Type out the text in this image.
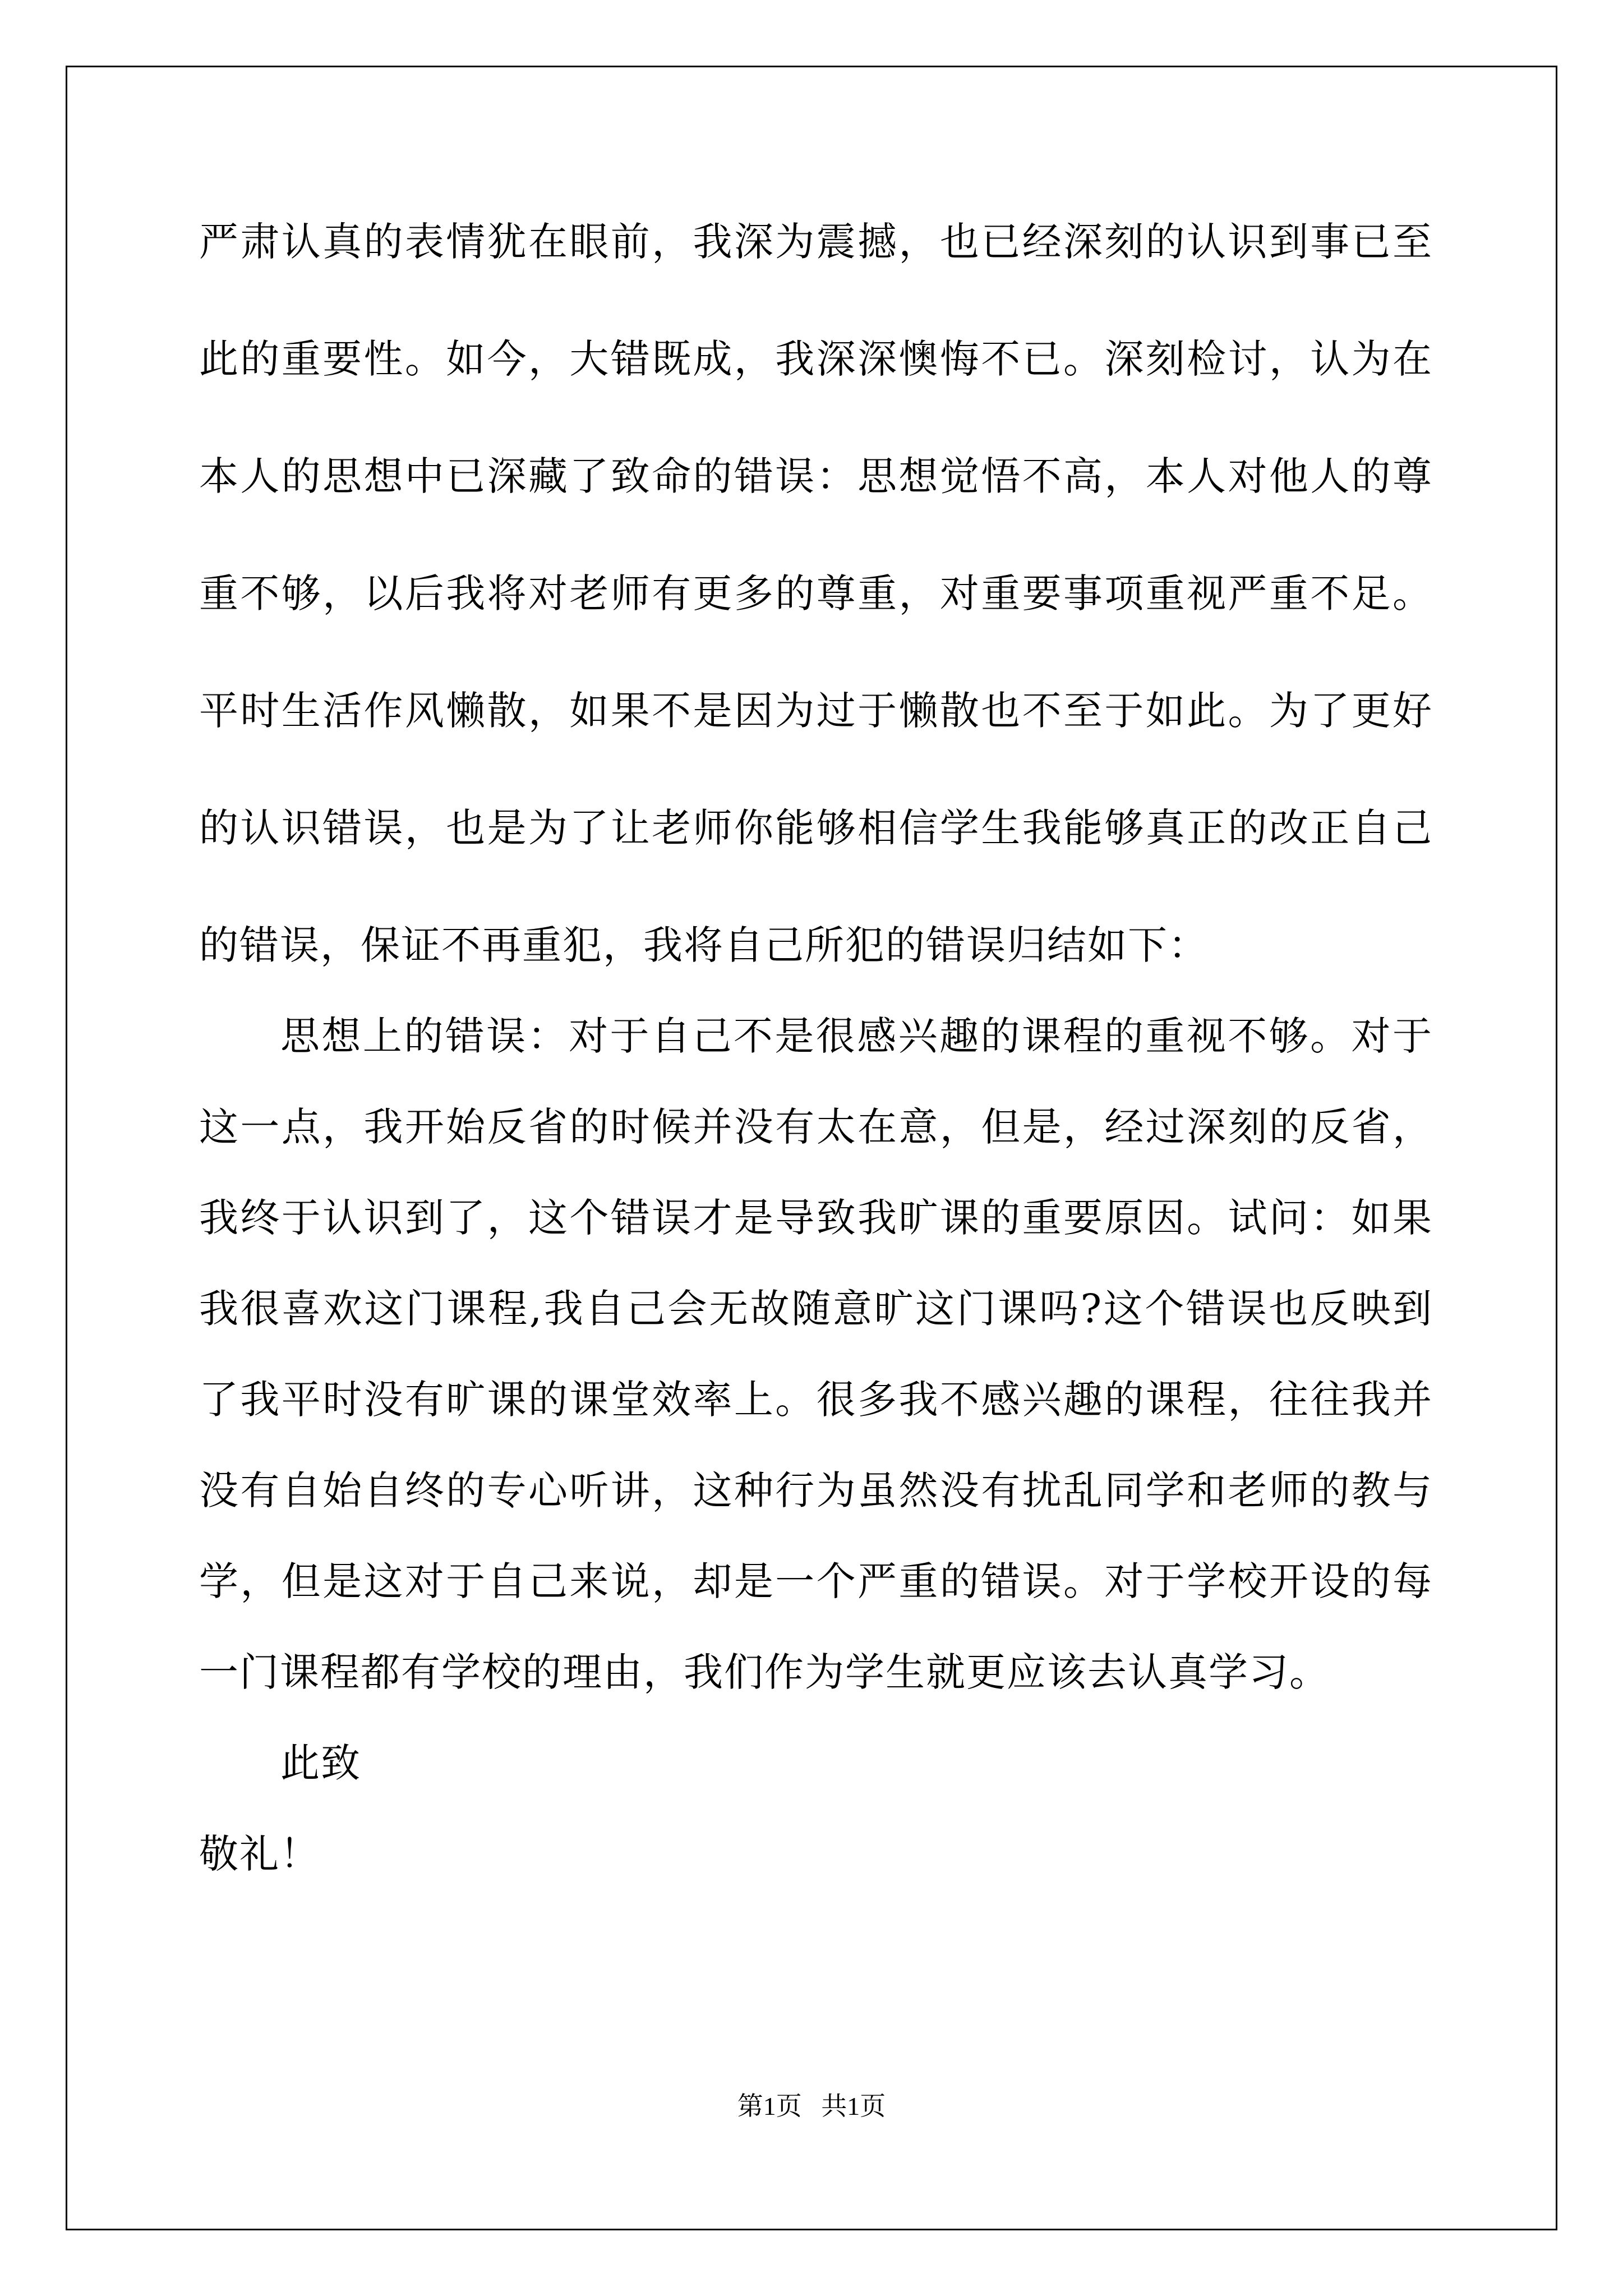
严肃认真的表情犹在眼前，我深为震撼，也已经深刻的认识到事已至
此的重要性。如今，大错既成，我深深懊悔不已。深刻检讨，认为在
本人的思想中已深藏了致命的错误：思想觉悟不高，本人对他人的尊
重不够，以后我将对老师有更多的尊重，对重要事项重视严重不足。
平时生活作风懒散，如果不是因为过于懒散也不至于如此。为了更好
的认识错误，也是为了让老师你能够相信学生我能够真正的改正自己
的错误，保证不再重犯，我将自己所犯的错误归结如下：
思想上的错误：对于自己不是很感兴趣的课程的重视不够。对于
这一点，我开始反省的时候并没有太在意，但是，经过深刻的反省，
我终于认识到了，这个错误才是导致我旷课的重要原因。试问：如果
我很喜欢这门课程,我自己会无故随意旷这门课吗?这个错误也反映到
了我平时没有旷课的课堂效率上。很多我不感兴趣的课程，往往我并
没有自始自终的专心听讲，这种行为虽然没有扰乱同学和老师的教与
学，但是这对于自己来说，却是一个严重的错误。对于学校开设的每
一门课程都有学校的理由，我们作为学生就更应该去认真学习。
此致
敬礼！
第1页   共1页
